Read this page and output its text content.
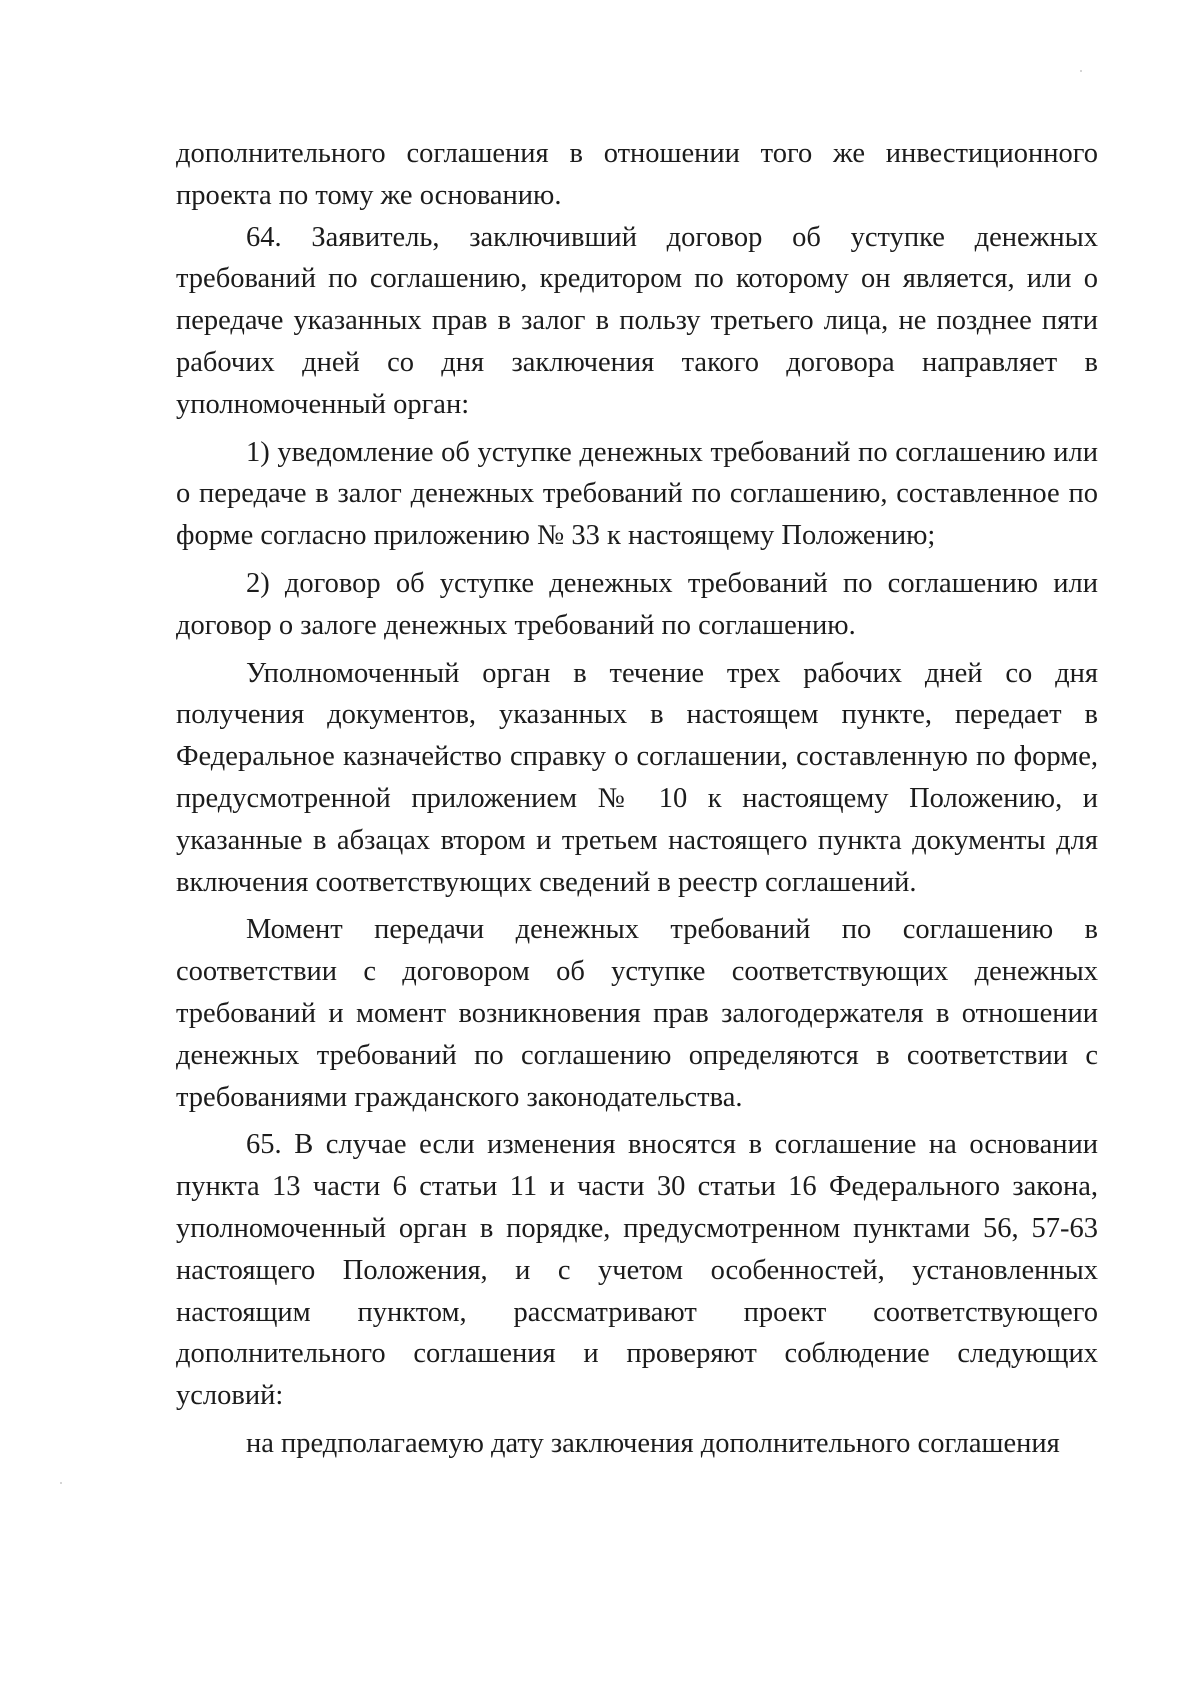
дополнительного соглашения в отношении того же инвестиционного проекта по тому же основанию.

64. Заявитель, заключивший договор об уступке денежных требований по соглашению, кредитором по которому он является, или о передаче указанных прав в залог в пользу третьего лица, не позднее пяти рабочих дней со дня заключения такого договора направляет в уполномоченный орган:

1) уведомление об уступке денежных требований по соглашению или о передаче в залог денежных требований по соглашению, составленное по форме согласно приложению № 33 к настоящему Положению;

2) договор об уступке денежных требований по соглашению или договор о залоге денежных требований по соглашению.

Уполномоченный орган в течение трех рабочих дней со дня получения документов, указанных в настоящем пункте, передает в Федеральное казначейство справку о соглашении, составленную по форме, предусмотренной приложением № 10 к настоящему Положению, и указанные в абзацах втором и третьем настоящего пункта документы для включения соответствующих сведений в реестр соглашений.

Момент передачи денежных требований по соглашению в соответствии с договором об уступке соответствующих денежных требований и момент возникновения прав залогодержателя в отношении денежных требований по соглашению определяются в соответствии с требованиями гражданского законодательства.

65. В случае если изменения вносятся в соглашение на основании пункта 13 части 6 статьи 11 и части 30 статьи 16 Федерального закона, уполномоченный орган в порядке, предусмотренном пунктами 56, 57-63 настоящего Положения, и с учетом особенностей, установленных настоящим пунктом, рассматривают проект соответствующего дополнительного соглашения и проверяют соблюдение следующих условий:

на предполагаемую дату заключения дополнительного соглашения
